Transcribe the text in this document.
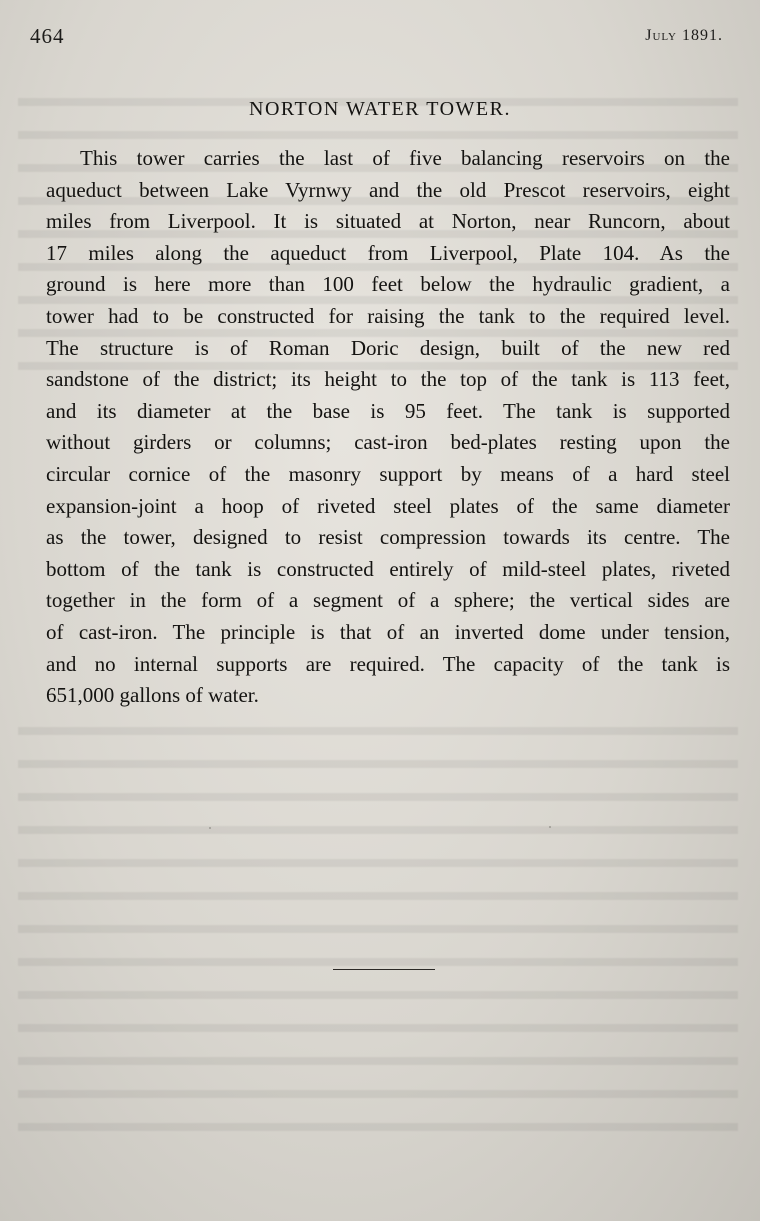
464	July 1891.
NORTON WATER TOWER.
This tower carries the last of five balancing reservoirs on the
aqueduct between Lake Vyrnwy and the old Prescot reservoirs, eight
miles from Liverpool. It is situated at Norton, near Runcorn, about
17 miles along the aqueduct from Liverpool, Plate 104. As the
ground is here more than 100 feet below the hydraulic gradient, a
tower had to be constructed for raising the tank to the required level.
The structure is of Roman Doric design, built of the new red
sandstone of the district; its height to the top of the tank is 113 feet,
and its diameter at the base is 95 feet. The tank is supported
without girders or columns; cast-iron bed-plates resting upon the
circular cornice of the masonry support by means of a hard steel
expansion-joint a hoop of riveted steel plates of the same diameter
as the tower, designed to resist compression towards its centre. The
bottom of the tank is constructed entirely of mild-steel plates, riveted
together in the form of a segment of a sphere; the vertical sides are
of cast-iron. The principle is that of an inverted dome under tension,
and no internal supports are required. The capacity of the tank is
651,000 gallons of water.
